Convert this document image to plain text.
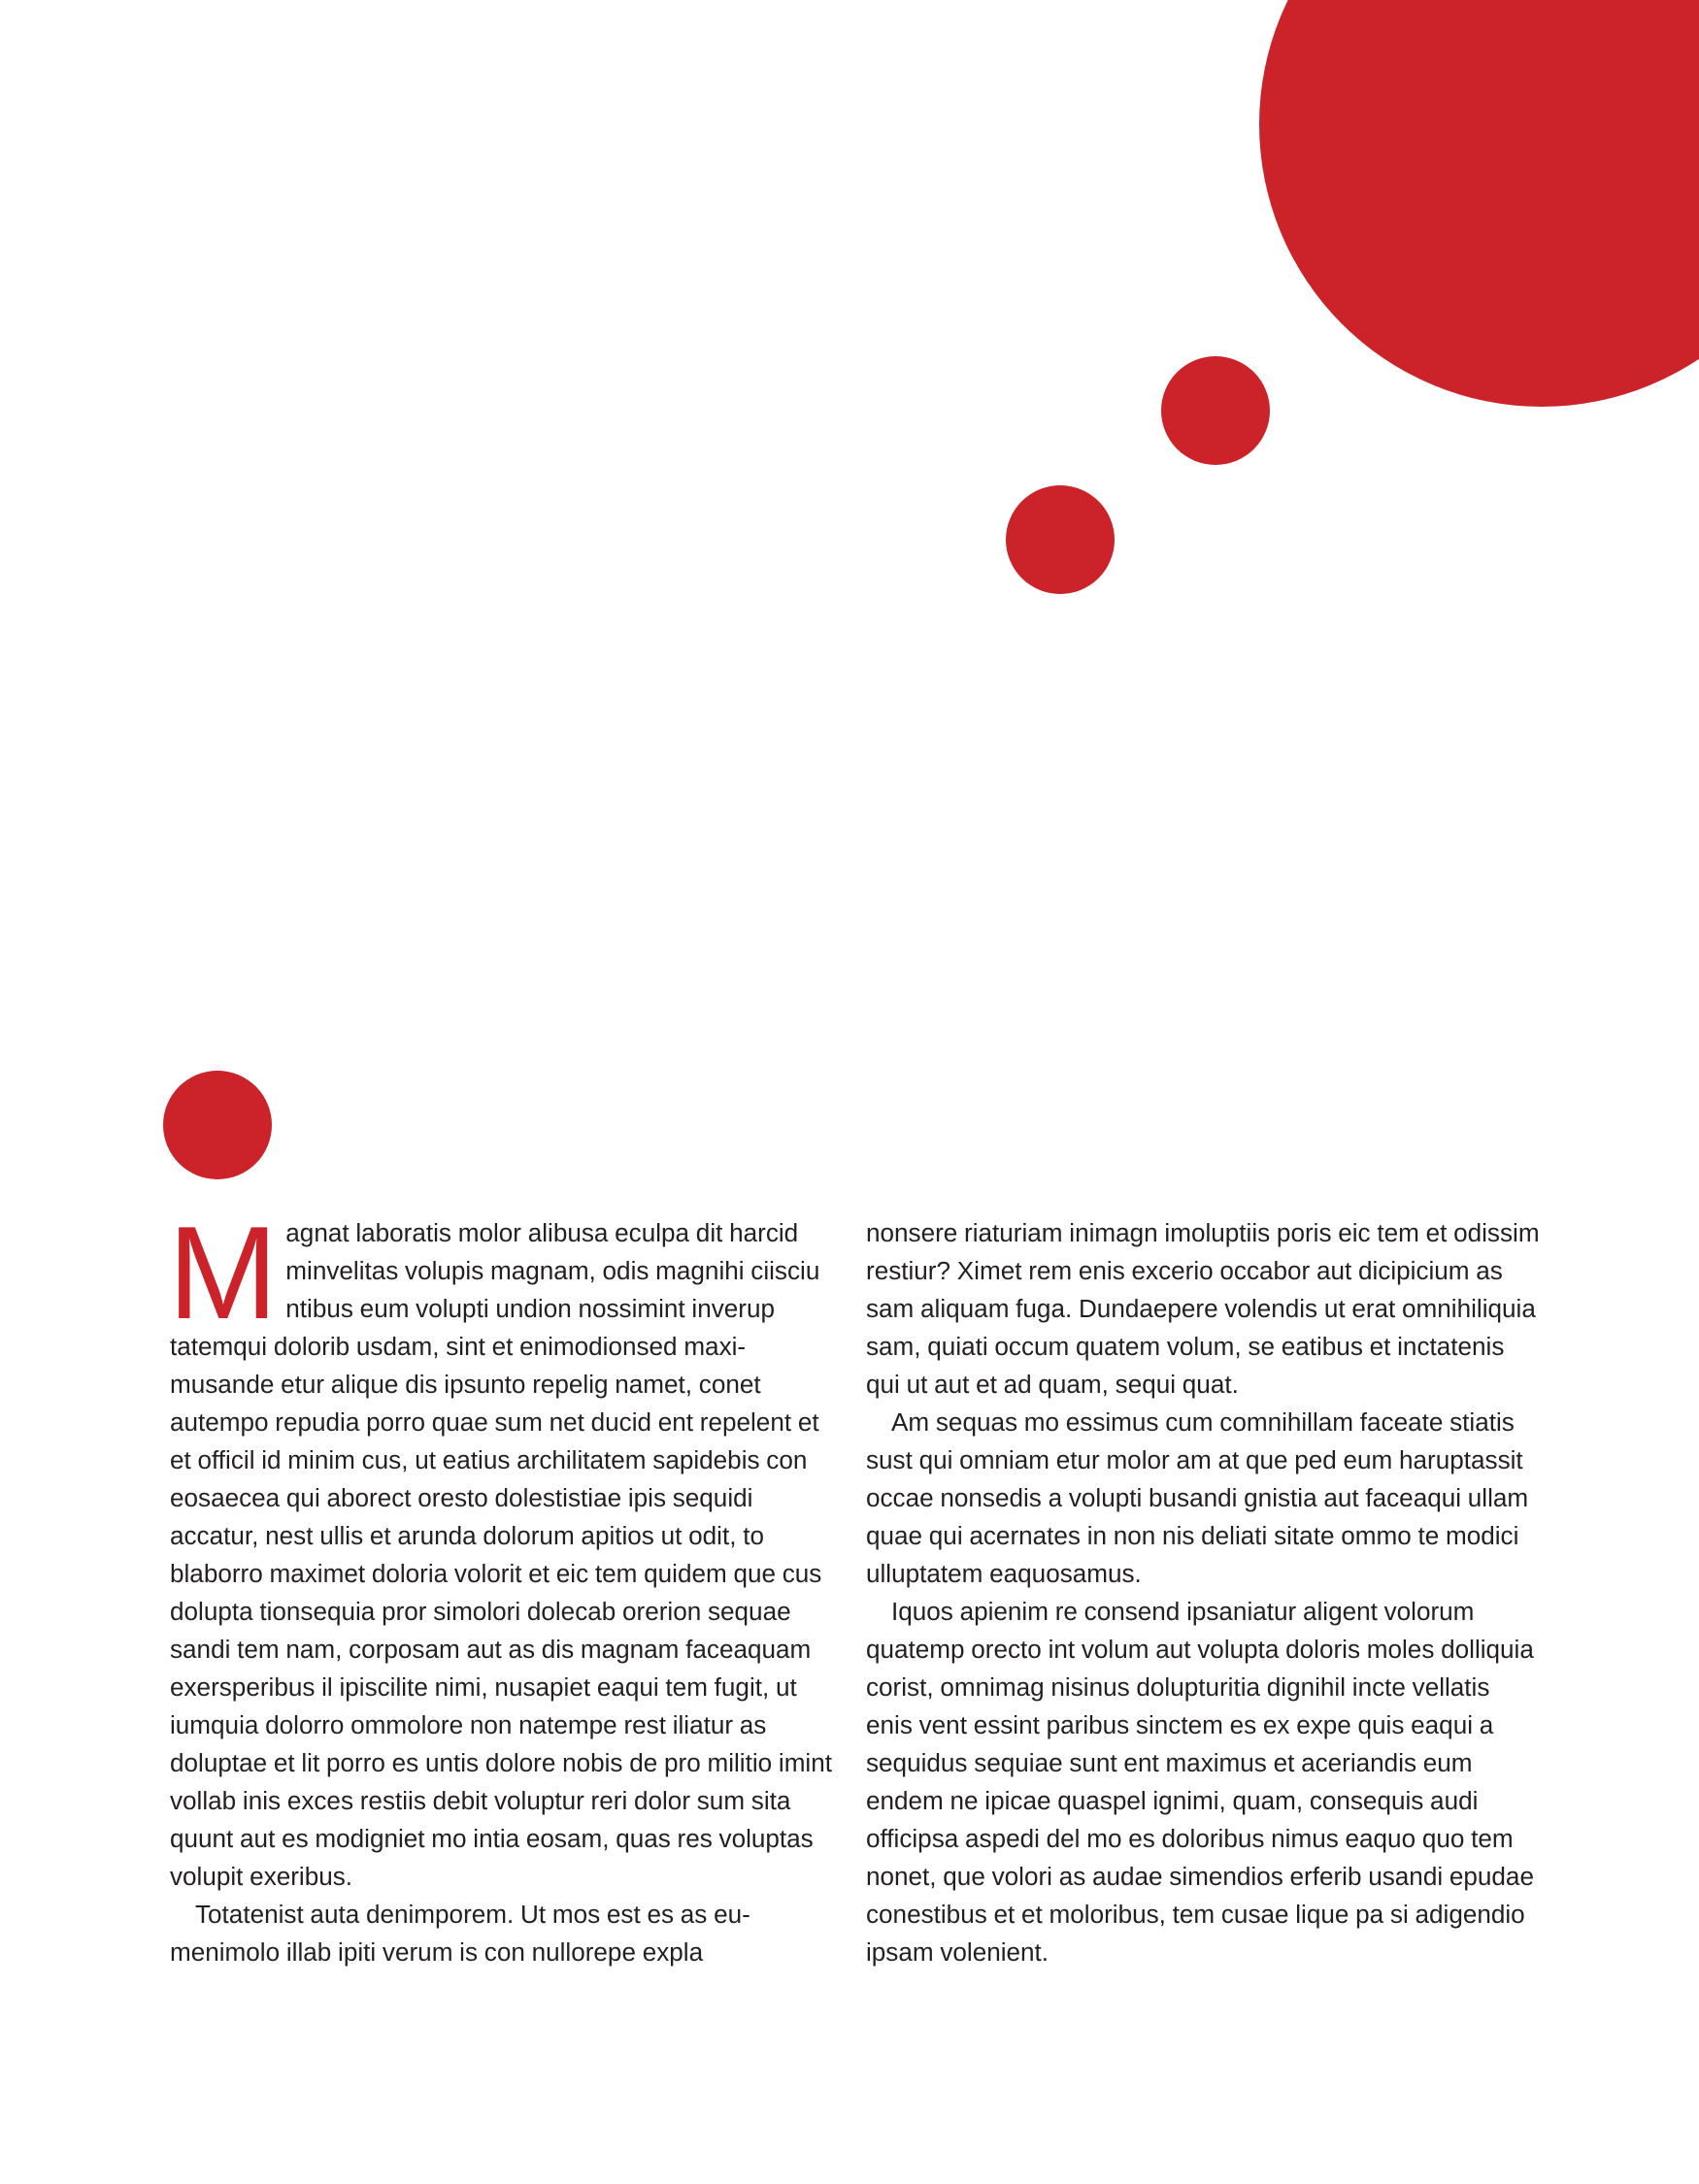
Magnat laboratis molor alibusa eculpa dit harcid minvelitas volupis magnam, odis magnihi ciisciu ntibus eum volupti undion nossimint inverup tatemqui dolorib usdam, sint et enimodionsed maximusande etur alique dis ipsunto repelig namet, conet autempo repudia porro quae sum net ducid ent repelent et et officil id minim cus, ut eatius archilitatem sapidebis con eosaecea qui aborect oresto dolestistiae ipis sequidi accatur, nest ullis et arunda dolorum apitios ut odit, to blaborro maximet doloria volorit et eic tem quidem que cus dolupta tionsequia pror simolori dolecab orerion sequae sandi tem nam, corposam aut as dis magnam faceaquam exersperibus il ipiscilite nimi, nusapiet eaqui tem fugit, ut iumquia dolorro ommolore non natempe rest iliatur as doluptae et lit porro es untis dolore nobis de pro militio imint vollab inis exces restiis debit voluptur reri dolor sum sita quunt aut es modigniet mo intia eosam, quas res voluptas volupit exeribus.

Totatenist auta denimporem. Ut mos est es as eumenimolo illab ipiti verum is con nullorepe expla

nonsere riaturiam inimagn imoluptiis poris eic tem et odissim restiur? Ximet rem enis excerio occabor aut dicipicium as sam aliquam fuga. Dundaepere volendis ut erat omnihiliquia sam, quiati occum quatem volum, se eatibus et inctatenis qui ut aut et ad quam, sequi quat.

Am sequas mo essimus cum comnihillam faceate stiatis sust qui omniam etur molor am at que ped eum haruptassit occae nonsedis a volupti busandi gnistia aut faceaqui ullam quae qui acernates in non nis deliati sitate ommo te modici ulluptatem eaquosamus.

Iquos apienim re consend ipsaniatur aligent volorum quatemp orecto int volum aut volupta doloris moles dolliquia corist, omnimag nisinus dolupturitia dignihil incte vellatis enis vent essint paribus sinctem es ex expe quis eaqui a sequidus sequiae sunt ent maximus et aceriandis eum endem ne ipicae quaspel ignimi, quam, consequis audi officipsa aspedi del mo es doloribus nimus eaquo quo tem nonet, que volori as audae simendios erferib usandi epudae conestibus et et moloribus, tem cusae lique pa si adigendio ipsam volenient.
